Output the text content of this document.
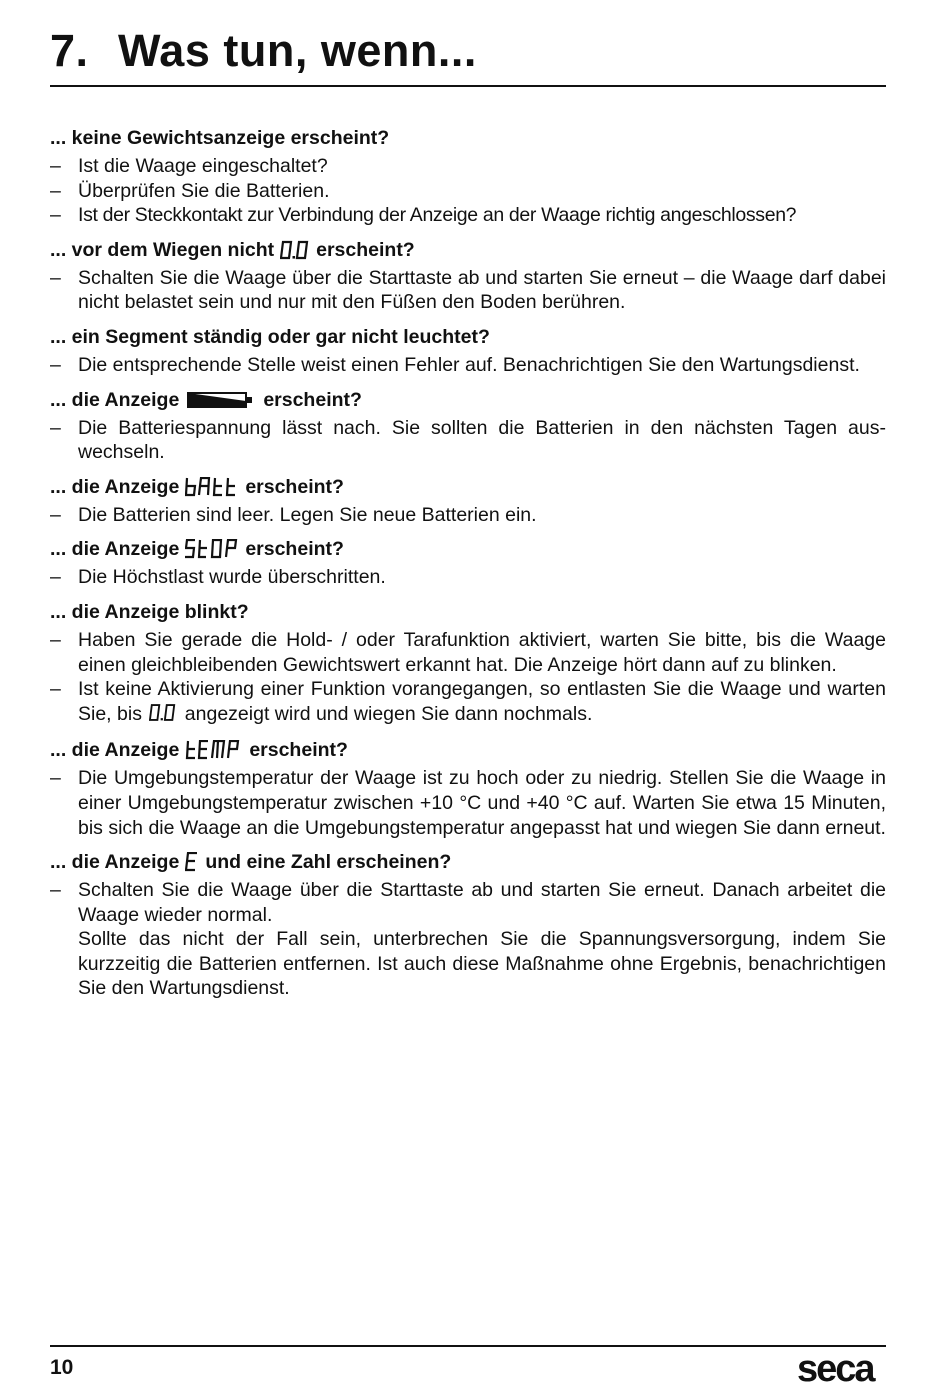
7. Was tun, wenn...

... keine Gewichtsanzeige erscheint?

– Ist die Waage eingeschaltet?

– Überprüfen Sie die Batterien.

– Ist der Steckkontakt zur Verbindung der Anzeige an der Waage richtig angeschlossen?

... vor dem Wiegen nicht erscheint?

– Schalten Sie die Waage über die Starttaste ab und starten Sie erneut – die Waage darf dabei nicht belastet sein und nur mit den Füßen den Boden berühren.

... ein Segment ständig oder gar nicht leuchtet?

– Die entsprechende Stelle weist einen Fehler auf. Benachrichtigen Sie den Wartungsdienst.

... die Anzeige	erscheint?

– Die Batteriespannung lässt nach. Sie sollten die Batterien in den nächsten Tagen auswechseln.

... die Anzeige	erscheint?

– Die Batterien sind leer. Legen Sie neue Batterien ein.

... die Anzeige	erscheint?

– Die Höchstlast wurde überschritten.

... die Anzeige blinkt?

– Haben Sie gerade die Hold- / oder Tarafunktion aktiviert, warten Sie bitte, bis die Waage einen gleichbleibenden Gewichtswert erkannt hat. Die Anzeige hört dann auf zu blinken.

– Ist keine Aktivierung einer Funktion vorangegangen, so entlasten Sie die Waage und warten Sie, bis angezeigt wird und wiegen Sie dann nochmals.

... die Anzeige	erscheint?

– Die Umgebungstemperatur der Waage ist zu hoch oder zu niedrig. Stellen Sie die Waage in einer Umgebungstemperatur zwischen +10 °C und +40 °C auf. Warten Sie etwa 15 Minuten, bis sich die Waage an die Umgebungstemperatur angepasst hat und wiegen Sie dann erneut.

... die Anzeige und eine Zahl erscheinen?

– Schalten Sie die Waage über die Starttaste ab und starten Sie erneut. Danach arbeitet die Waage wieder normal.

Sollte das nicht der Fall sein, unterbrechen Sie die Spannungsversorgung, indem Sie kurzzeitig die Batterien entfernen. Ist auch diese Maßnahme ohne Ergebnis, benachrichtigen Sie den Wartungsdienst.

10	seca
